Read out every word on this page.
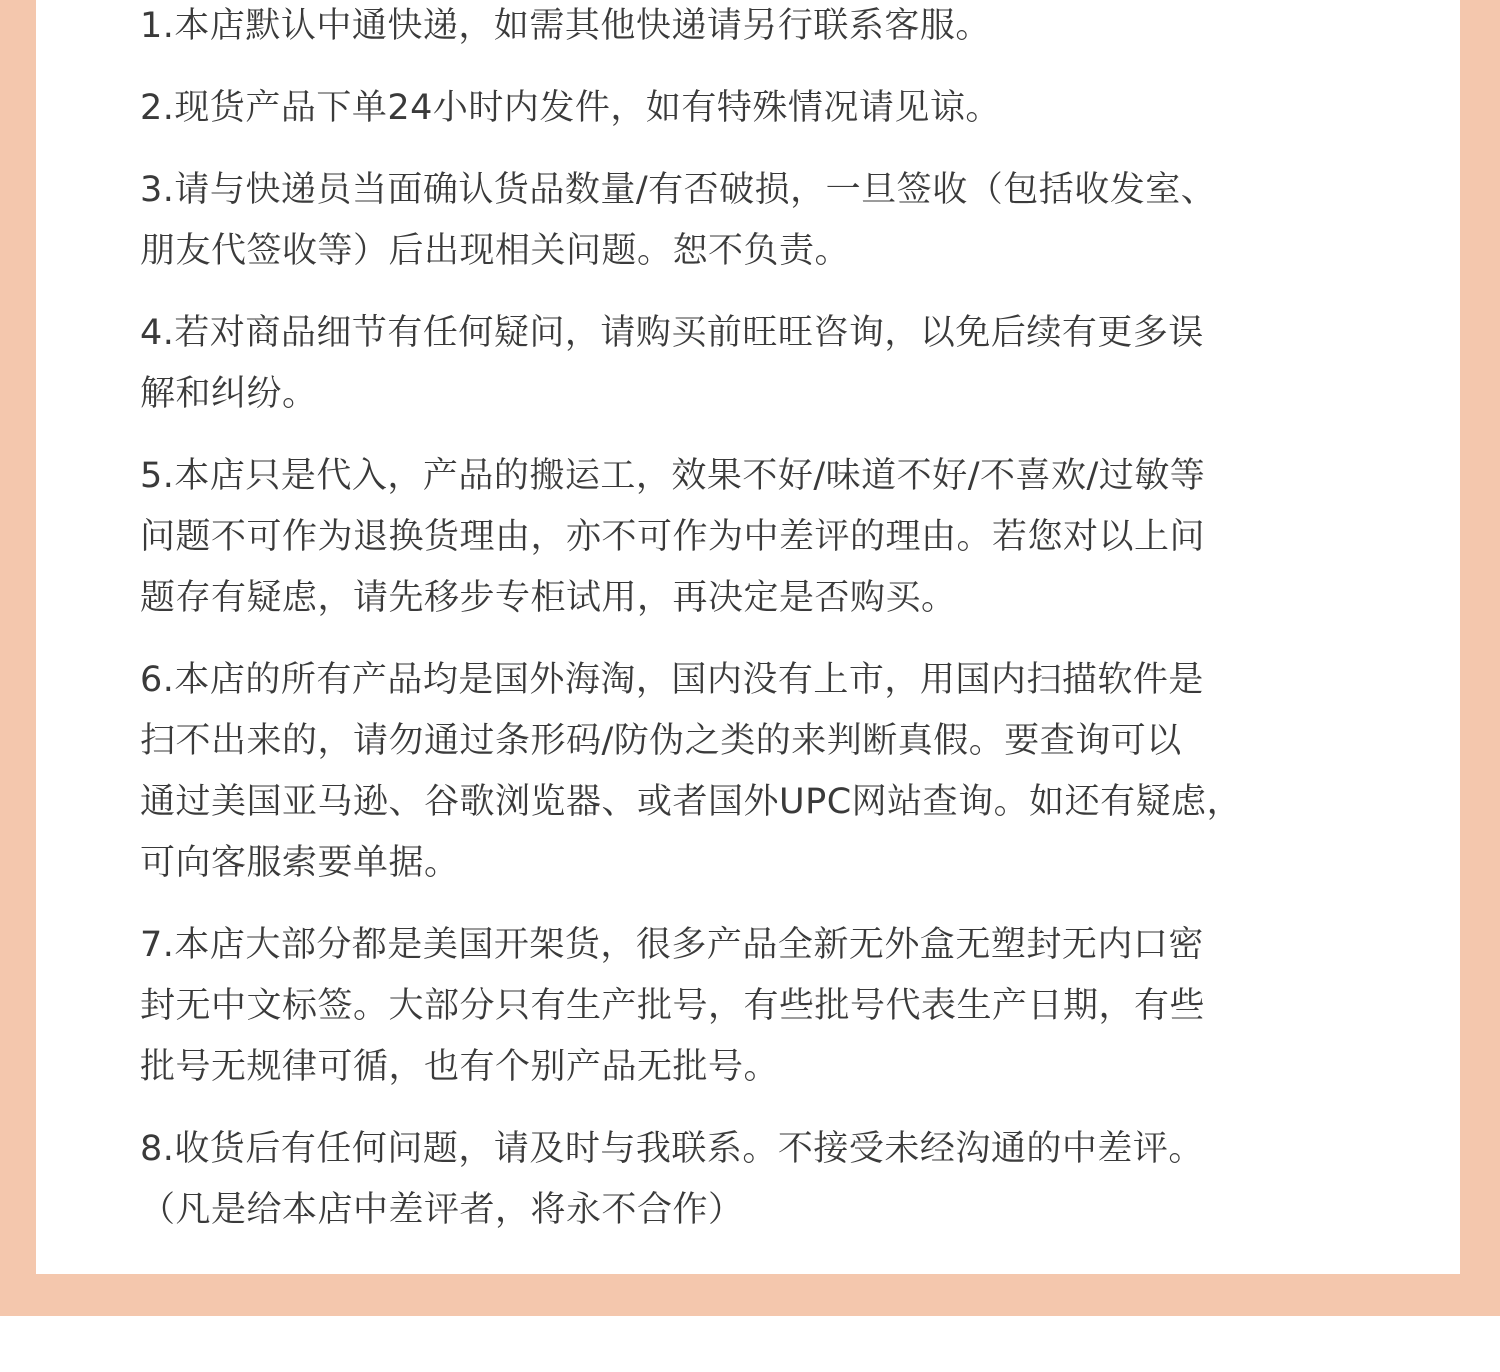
1.本店默认中通快递，如需其他快递请另行联系客服。
2.现货产品下单24小时内发件，如有特殊情况请见谅。
3.请与快递员当面确认货品数量/有否破损，一旦签收（包括收发室、
朋友代签收等）后出现相关问题。恕不负责。
4.若对商品细节有任何疑问，请购买前旺旺咨询，以免后续有更多误
解和纠纷。
5.本店只是代入，产品的搬运工，效果不好/味道不好/不喜欢/过敏等
问题不可作为退换货理由，亦不可作为中差评的理由。若您对以上问
题存有疑虑，请先移步专柜试用，再决定是否购买。
6.本店的所有产品均是国外海淘，国内没有上市，用国内扫描软件是
扫不出来的，请勿通过条形码/防伪之类的来判断真假。要查询可以
通过美国亚马逊、谷歌浏览器、或者国外UPC网站查询。如还有疑虑，
可向客服索要单据。
7.本店大部分都是美国开架货，很多产品全新无外盒无塑封无内口密
封无中文标签。大部分只有生产批号，有些批号代表生产日期，有些
批号无规律可循，也有个别产品无批号。
8.收货后有任何问题，请及时与我联系。不接受未经沟通的中差评。
（凡是给本店中差评者，将永不合作）
